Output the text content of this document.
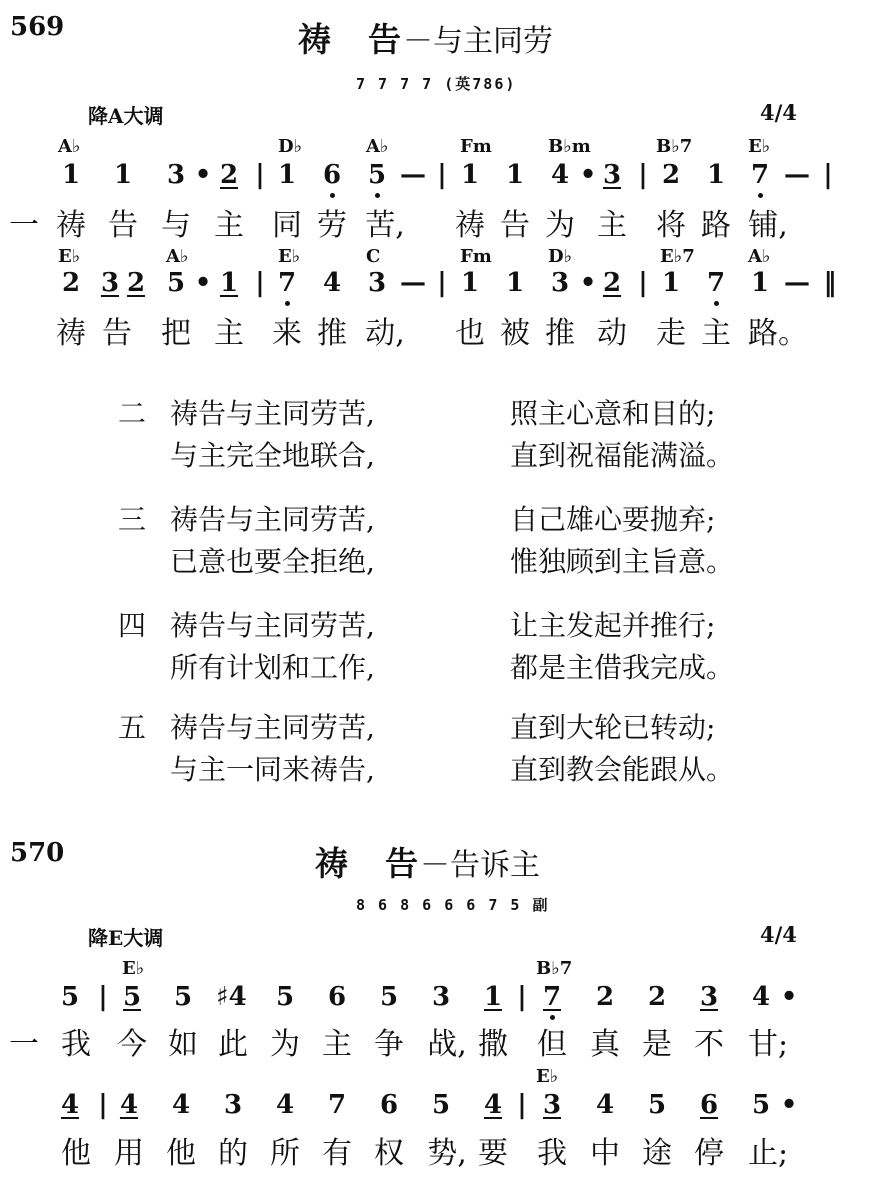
569	祷　告－与主同劳
7 7 7 7 (英786)
降A大调	4/4
A♭	D♭	A♭	Fm	B♭m	B♭7	E♭
1 1 3 • 2 | 1 6 5 — | 1 1 4 • 3 | 2 1 7 — |
一 祷 告 与 主 同 劳 苦, 祷 告 为 主 将 路 铺,
E♭	A♭	E♭	C	Fm	D♭	E♭7	A♭
2 3 2 5 • 1 | 7 4 3 — | 1 1 3 • 2 | 1 7 1 — ‖
祷 告 把 主 来 推 动, 也 被 推 动 走 主 路。
二 祷告与主同劳苦,	照主心意和目的;
与主完全地联合,	直到祝福能满溢。
三 祷告与主同劳苦,	自己雄心要抛弃;
已意也要全拒绝,	惟独顾到主旨意。
四 祷告与主同劳苦,	让主发起并推行;
所有计划和工作,	都是主借我完成。
五 祷告与主同劳苦,	直到大轮已转动;
与主一同来祷告,	直到教会能跟从。
570	祷　告－告诉主
8 6 8 6 6 6 7 5 副
降E大调	4/4
E♭	B♭7
5 | 5 5 ♯4 5 6 5 3 1 | 7 2 2 3 4 •
一 我 今 如 此 为 主 争 战, 撒 但 真 是 不 甘;
E♭
4 | 4 4 3 4 7 6 5 4 | 3 4 5 6 5 •
他 用 他 的 所 有 权 势, 要 我 中 途 停 止;
